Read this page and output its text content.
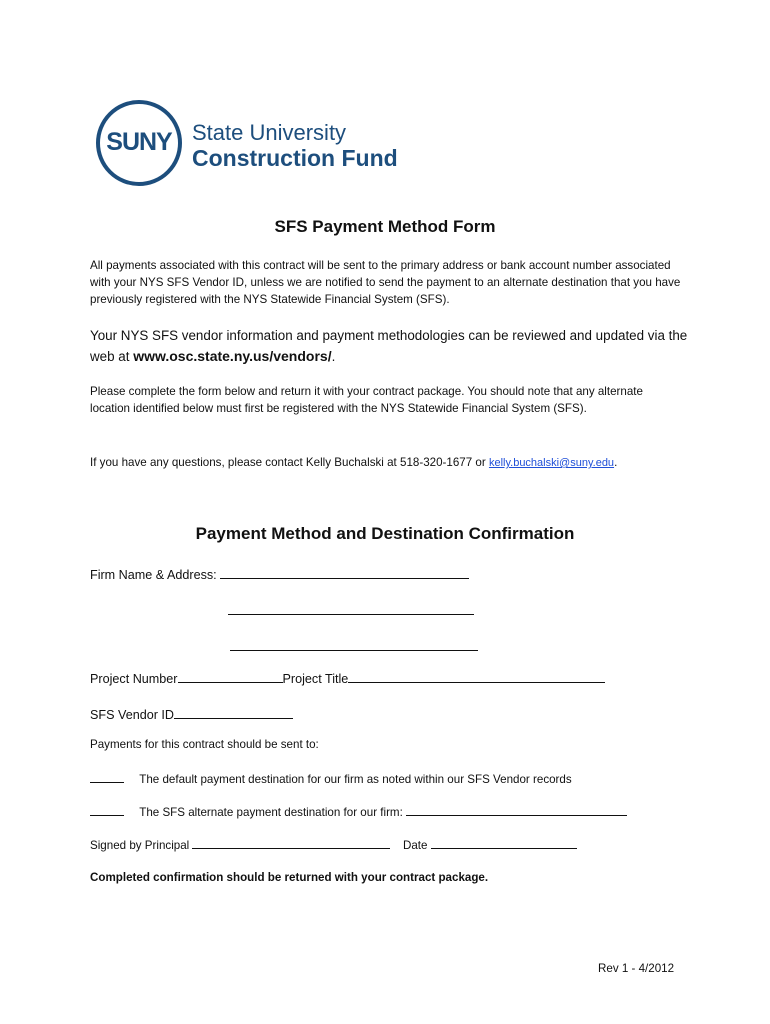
SUNY State University
Construction Fund
SFS Payment Method Form
All payments associated with this contract will be sent to the primary address or bank account number associated with your NYS SFS Vendor ID, unless we are notified to send the payment to an alternate destination that you have previously registered with the NYS Statewide Financial System (SFS).
Your NYS SFS vendor information and payment methodologies can be reviewed and updated via the web at www.osc.state.ny.us/vendors/.
Please complete the form below and return it with your contract package. You should note that any alternate location identified below must first be registered with the NYS Statewide Financial System (SFS).
If you have any questions, please contact Kelly Buchalski at 518-320-1677 or kelly.buchalski@suny.edu.
Payment Method and Destination Confirmation
Firm Name & Address:
Project Number	Project Title
SFS Vendor ID
Payments for this contract should be sent to:
The default payment destination for our firm as noted within our SFS Vendor records
The SFS alternate payment destination for our firm:
Signed by Principal	Date
Completed confirmation should be returned with your contract package.
Rev 1 - 4/2012
